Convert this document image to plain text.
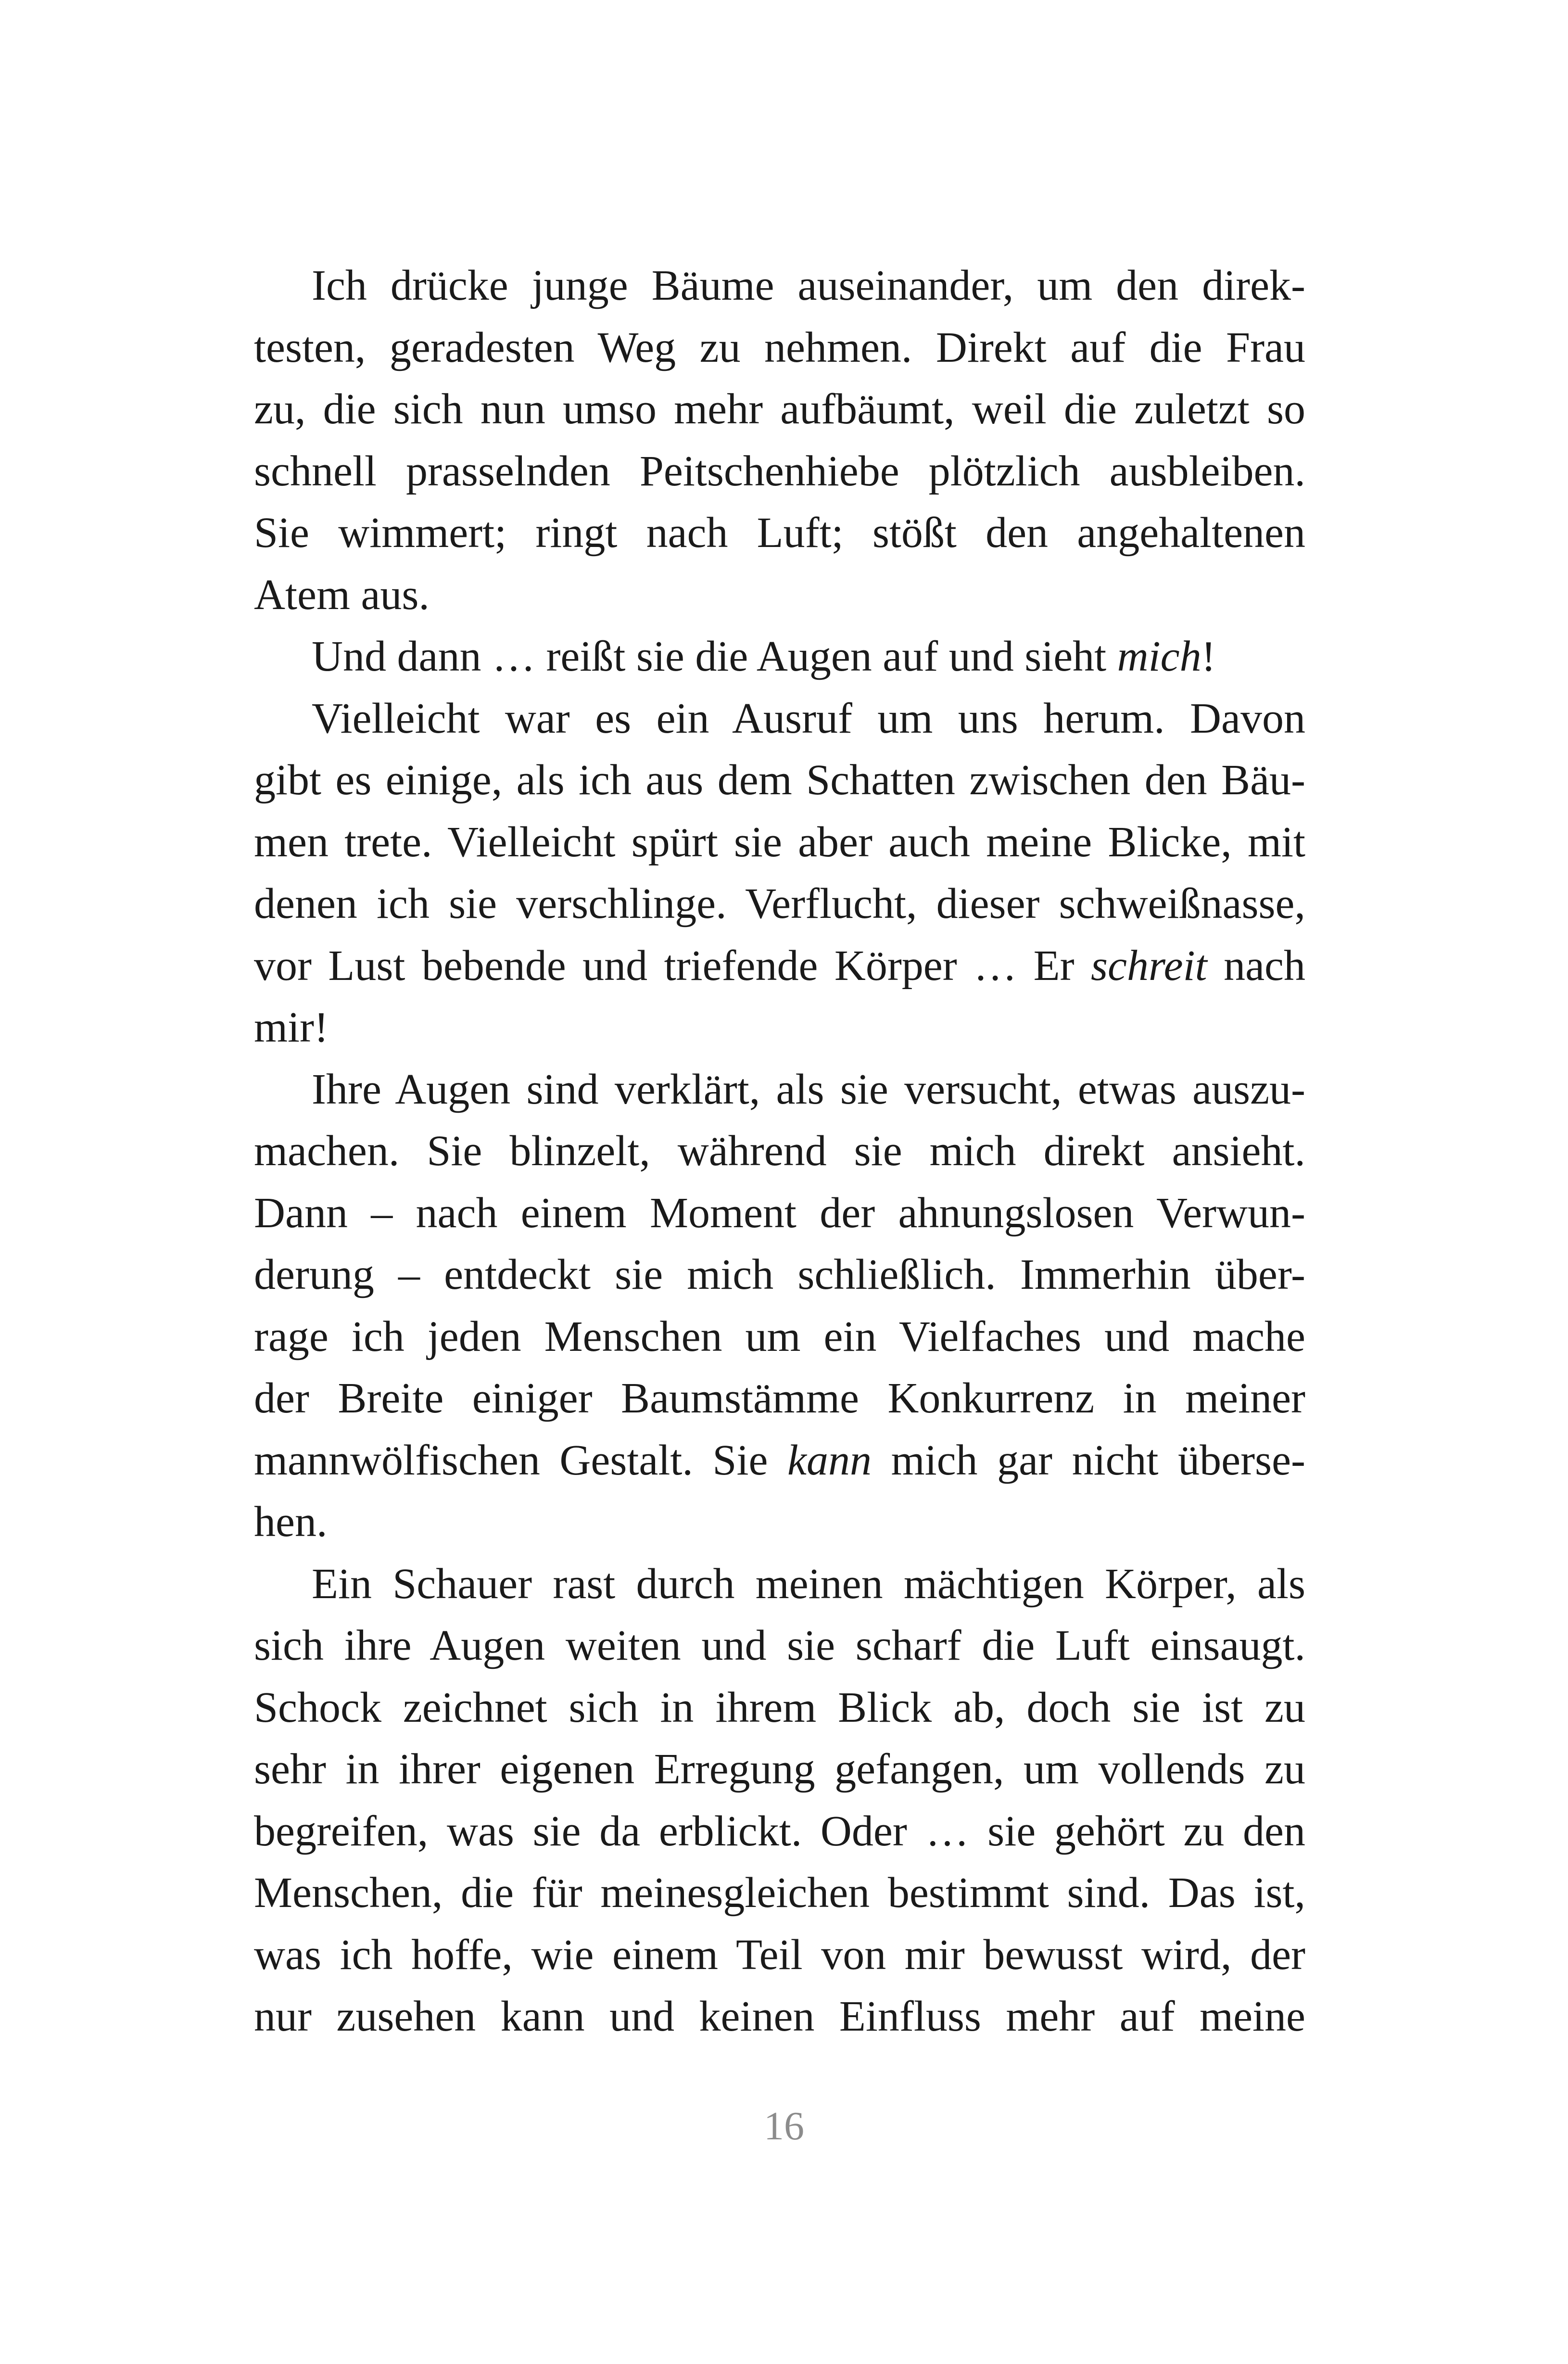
Ich drücke junge Bäume auseinander, um den direk-
testen, geradesten Weg zu nehmen. Direkt auf die Frau
zu, die sich nun umso mehr aufbäumt, weil die zuletzt so
schnell prasselnden Peitschenhiebe plötzlich ausbleiben.
Sie wimmert; ringt nach Luft; stößt den angehaltenen
Atem aus.
Und dann … reißt sie die Augen auf und sieht mich!
Vielleicht war es ein Ausruf um uns herum. Davon
gibt es einige, als ich aus dem Schatten zwischen den Bäu-
men trete. Vielleicht spürt sie aber auch meine Blicke, mit
denen ich sie verschlinge. Verflucht, dieser schweißnasse,
vor Lust bebende und triefende Körper … Er schreit nach
mir!
Ihre Augen sind verklärt, als sie versucht, etwas auszu-
machen. Sie blinzelt, während sie mich direkt ansieht.
Dann – nach einem Moment der ahnungslosen Verwun-
derung – entdeckt sie mich schließlich. Immerhin über-
rage ich jeden Menschen um ein Vielfaches und mache
der Breite einiger Baumstämme Konkurrenz in meiner
mannwölfischen Gestalt. Sie kann mich gar nicht überse-
hen.
Ein Schauer rast durch meinen mächtigen Körper, als
sich ihre Augen weiten und sie scharf die Luft einsaugt.
Schock zeichnet sich in ihrem Blick ab, doch sie ist zu
sehr in ihrer eigenen Erregung gefangen, um vollends zu
begreifen, was sie da erblickt. Oder … sie gehört zu den
Menschen, die für meinesgleichen bestimmt sind. Das ist,
was ich hoffe, wie einem Teil von mir bewusst wird, der
nur zusehen kann und keinen Einfluss mehr auf meine
16
